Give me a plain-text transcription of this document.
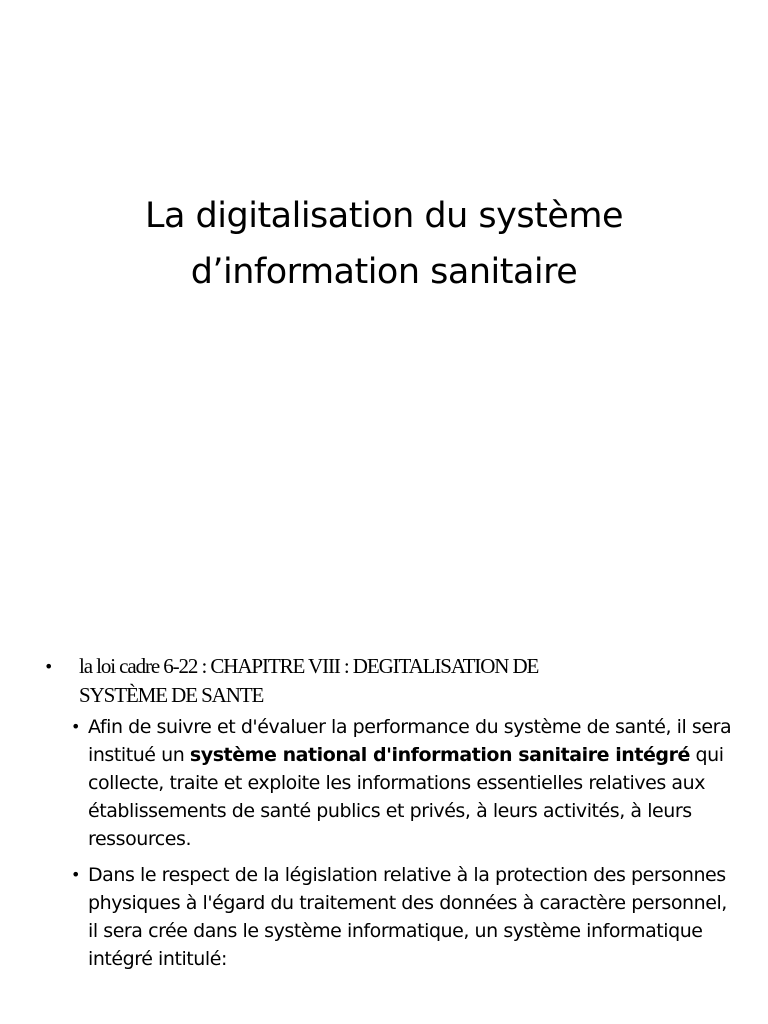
La digitalisation du système
d’information sanitaire
• la loi cadre 6-22 : CHAPITRE VIII : DEGITALISATION DE
SYSTÈME DE SANTE
• Afin de suivre et d'évaluer la performance du système de santé, il sera institué un système national d'information sanitaire intégré qui collecte, traite et exploite les informations essentielles relatives aux établissements de santé publics et privés, à leurs activités, à leurs ressources.
• Dans le respect de la législation relative à la protection des personnes physiques à l'égard du traitement des données à caractère personnel, il sera crée dans le système informatique, un système informatique intégré intitulé:
